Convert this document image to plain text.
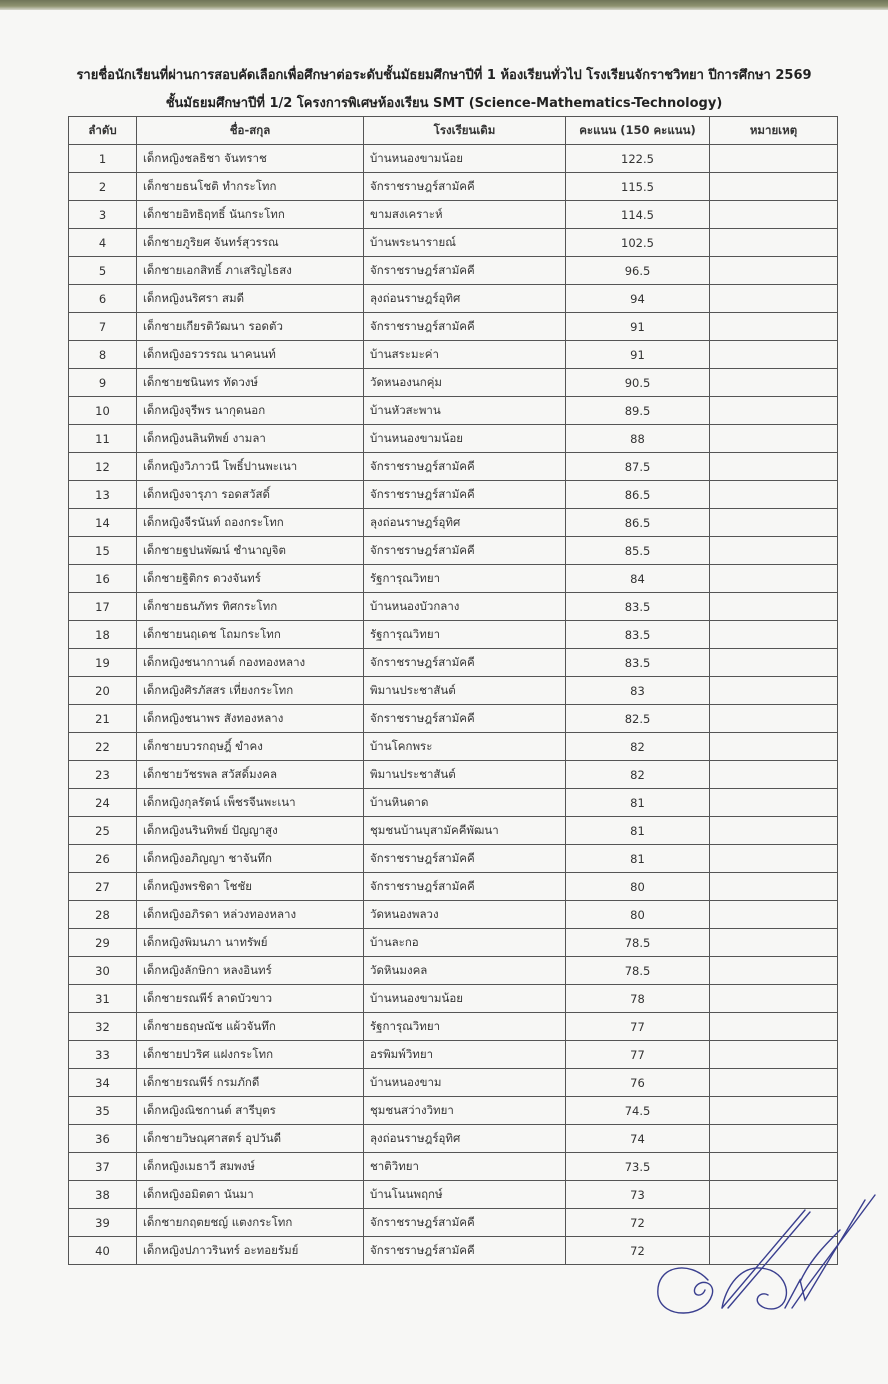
รายชื่อนักเรียนที่ผ่านการสอบคัดเลือกเพื่อศึกษาต่อระดับชั้นมัธยมศึกษาปีที่ 1 ห้องเรียนทั่วไป โรงเรียนจักราชวิทยา ปีการศึกษา 2569
ชั้นมัธยมศึกษาปีที่ 1/2 โครงการพิเศษห้องเรียน SMT (Science-Mathematics-Technology)
ลำดับ	ชื่อ-สกุล	โรงเรียนเดิม	คะแนน (150 คะแนน)	หมายเหตุ
1	เด็กหญิงชลธิชา จันทราช	บ้านหนองขามน้อย	122.5	
2	เด็กชายธนโชติ ทำกระโทก	จักราชราษฎร์สามัคคี	115.5	
3	เด็กชายอิทธิฤทธิ์ นันกระโทก	ขามสงเคราะห์	114.5	
4	เด็กชายภูริยศ จันทร์สุวรรณ	บ้านพระนารายณ์	102.5	
5	เด็กชายเอกสิทธิ์ ภาเสริญไธสง	จักราชราษฎร์สามัคคี	96.5	
6	เด็กหญิงนริศรา สมดี	ลุงถ่อนราษฎร์อุทิศ	94	
7	เด็กชายเกียรติวัฒนา รอดตัว	จักราชราษฎร์สามัคคี	91	
8	เด็กหญิงอรวรรณ นาคนนท์	บ้านสระมะค่า	91	
9	เด็กชายชนินทร ทัดวงษ์	วัดหนองนกคุ่ม	90.5	
10	เด็กหญิงจุรีพร นากุดนอก	บ้านหัวสะพาน	89.5	
11	เด็กหญิงนลินทิพย์ งามลา	บ้านหนองขามน้อย	88	
12	เด็กหญิงวิภาวนี โพธิ์ปานพะเนา	จักราชราษฎร์สามัคคี	87.5	
13	เด็กหญิงจารุภา รอดสวัสดิ์	จักราชราษฎร์สามัคคี	86.5	
14	เด็กหญิงจีรนันท์ ถองกระโทก	ลุงถ่อนราษฎร์อุทิศ	86.5	
15	เด็กชายฐปนพัฒน์ ชำนาญจิต	จักราชราษฎร์สามัคคี	85.5	
16	เด็กชายฐิติกร ดวงจันทร์	รัฐการุณวิทยา	84	
17	เด็กชายธนภัทร ทิศกระโทก	บ้านหนองบัวกลาง	83.5	
18	เด็กชายนฤเดช โถมกระโทก	รัฐการุณวิทยา	83.5	
19	เด็กหญิงชนากานต์ กองทองหลาง	จักราชราษฎร์สามัคคี	83.5	
20	เด็กหญิงศิรภัสสร เที่ยงกระโทก	พิมานประชาสันต์	83	
21	เด็กหญิงชนาพร สังทองหลาง	จักราชราษฎร์สามัคคี	82.5	
22	เด็กชายบวรกฤษฎิ์ ขำคง	บ้านโคกพระ	82	
23	เด็กชายวัชรพล สวัสดิ์มงคล	พิมานประชาสันต์	82	
24	เด็กหญิงกุลรัตน์ เพ็ชรจีนพะเนา	บ้านหินดาด	81	
25	เด็กหญิงนรินทิพย์ ปัญญาสูง	ชุมชนบ้านบุสามัคคีพัฒนา	81	
26	เด็กหญิงอภิญญา ชาจันทึก	จักราชราษฎร์สามัคคี	81	
27	เด็กหญิงพรชิดา โชชัย	จักราชราษฎร์สามัคคี	80	
28	เด็กหญิงอภิรดา หล่วงทองหลาง	วัดหนองพลวง	80	
29	เด็กหญิงพิมนภา นาทรัพย์	บ้านละกอ	78.5	
30	เด็กหญิงลักษิกา หลงอินทร์	วัดหินมงคล	78.5	
31	เด็กชายรณพีร์ ลาดบัวขาว	บ้านหนองขามน้อย	78	
32	เด็กชายธฤษณัช แผ้วจันทึก	รัฐการุณวิทยา	77	
33	เด็กชายปวริศ แฝงกระโทก	อรพิมพ์วิทยา	77	
34	เด็กชายรณพีร์ กรมภักดี	บ้านหนองขาม	76	
35	เด็กหญิงณิชกานต์ สารีบุตร	ชุมชนสว่างวิทยา	74.5	
36	เด็กชายวิษณุศาสตร์ อุปวันดี	ลุงถ่อนราษฎร์อุทิศ	74	
37	เด็กหญิงเมธาวี สมพงษ์	ชาติวิทยา	73.5	
38	เด็กหญิงอมิตตา นันมา	บ้านโนนพฤกษ์	73	
39	เด็กชายกฤตยชญ์ แตงกระโทก	จักราชราษฎร์สามัคคี	72	
40	เด็กหญิงปภาวรินทร์ อะทอยรัมย์	จักราชราษฎร์สามัคคี	72	
